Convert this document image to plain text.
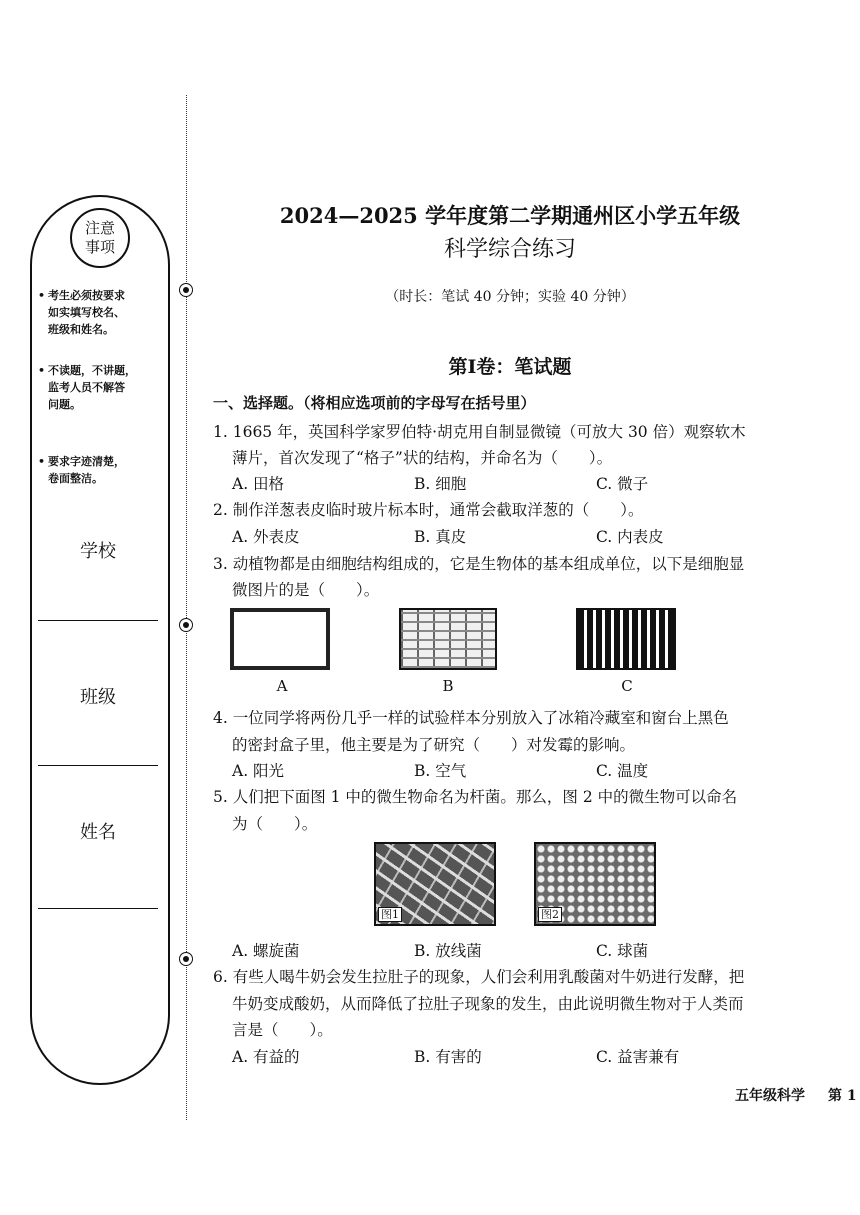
注意
事项
• 考生必须按要求
如实填写校名、
班级和姓名。
• 不读题，不讲题，
监考人员不解答
问题。
• 要求字迹清楚，
卷面整洁。
学校
班级
姓名
2024—2025 学年度第二学期通州区小学五年级
科学综合练习
（时长：笔试 40 分钟；实验 40 分钟）
第Ⅰ卷：笔试题
一、选择题。（将相应选项前的字母写在括号里）
1. 1665 年，英国科学家罗伯特·胡克用自制显微镜（可放大 30 倍）观察软木
薄片，首次发现了“格子”状的结构，并命名为（　　）。
A. 田格	B. 细胞	C. 微子
2. 制作洋葱表皮临时玻片标本时，通常会截取洋葱的（　　）。
A. 外表皮	B. 真皮	C. 内表皮
3. 动植物都是由细胞结构组成的，它是生物体的基本组成单位，以下是细胞显
微图片的是（　　）。
A	B	C
4. 一位同学将两份几乎一样的试验样本分别放入了冰箱冷藏室和窗台上黑色
的密封盒子里，他主要是为了研究（　　）对发霉的影响。
A. 阳光	B. 空气	C. 温度
5. 人们把下面图 1 中的微生物命名为杆菌。那么，图 2 中的微生物可以命名
为（　　）。
图1	图2
A. 螺旋菌	B. 放线菌	C. 球菌
6. 有些人喝牛奶会发生拉肚子的现象，人们会利用乳酸菌对牛奶进行发酵，把
牛奶变成酸奶，从而降低了拉肚子现象的发生，由此说明微生物对于人类而
言是（　　）。
A. 有益的	B. 有害的	C. 益害兼有
五年级科学 第 1
